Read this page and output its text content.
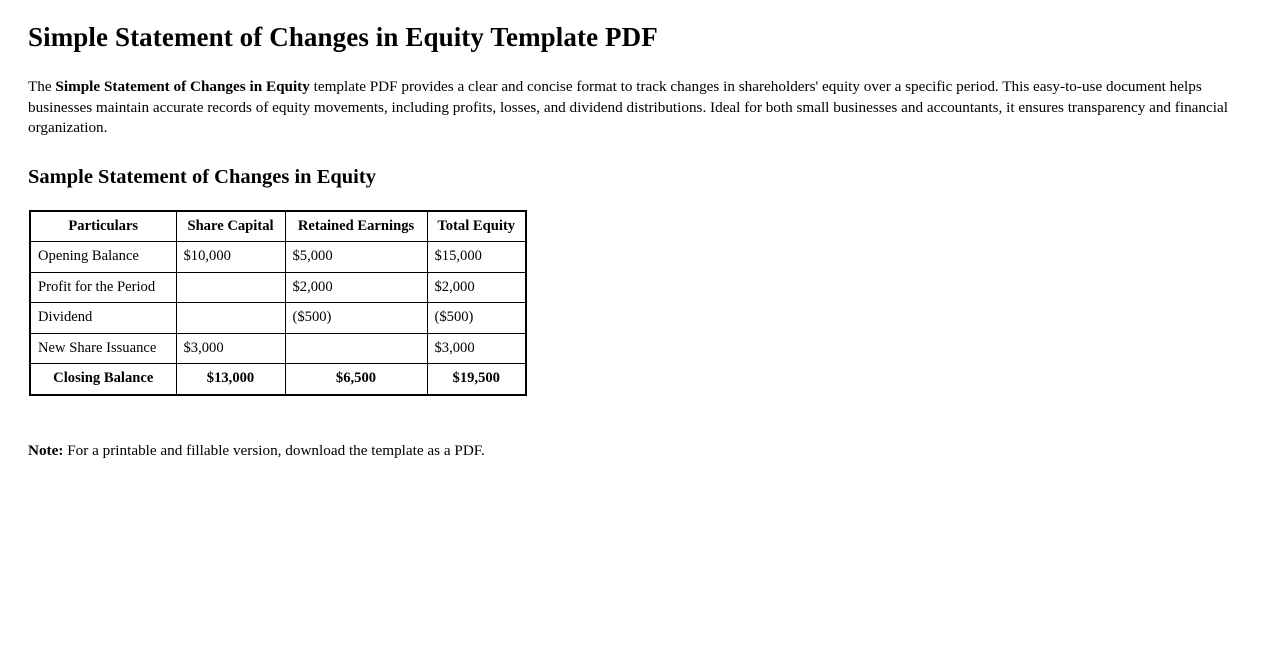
Simple Statement of Changes in Equity Template PDF

The Simple Statement of Changes in Equity template PDF provides a clear and concise format to track changes in shareholders' equity over a specific period. This easy-to-use document helps businesses maintain accurate records of equity movements, including profits, losses, and dividend distributions. Ideal for both small businesses and accountants, it ensures transparency and financial organization.

Sample Statement of Changes in Equity
Particulars	Share Capital	Retained Earnings	Total Equity
Opening Balance	$10,000	$5,000	$15,000
Profit for the Period		$2,000	$2,000
Dividend		($500)	($500)
New Share Issuance	$3,000		$3,000
Closing Balance	$13,000	$6,500	$19,500

Note: For a printable and fillable version, download the template as a PDF.
